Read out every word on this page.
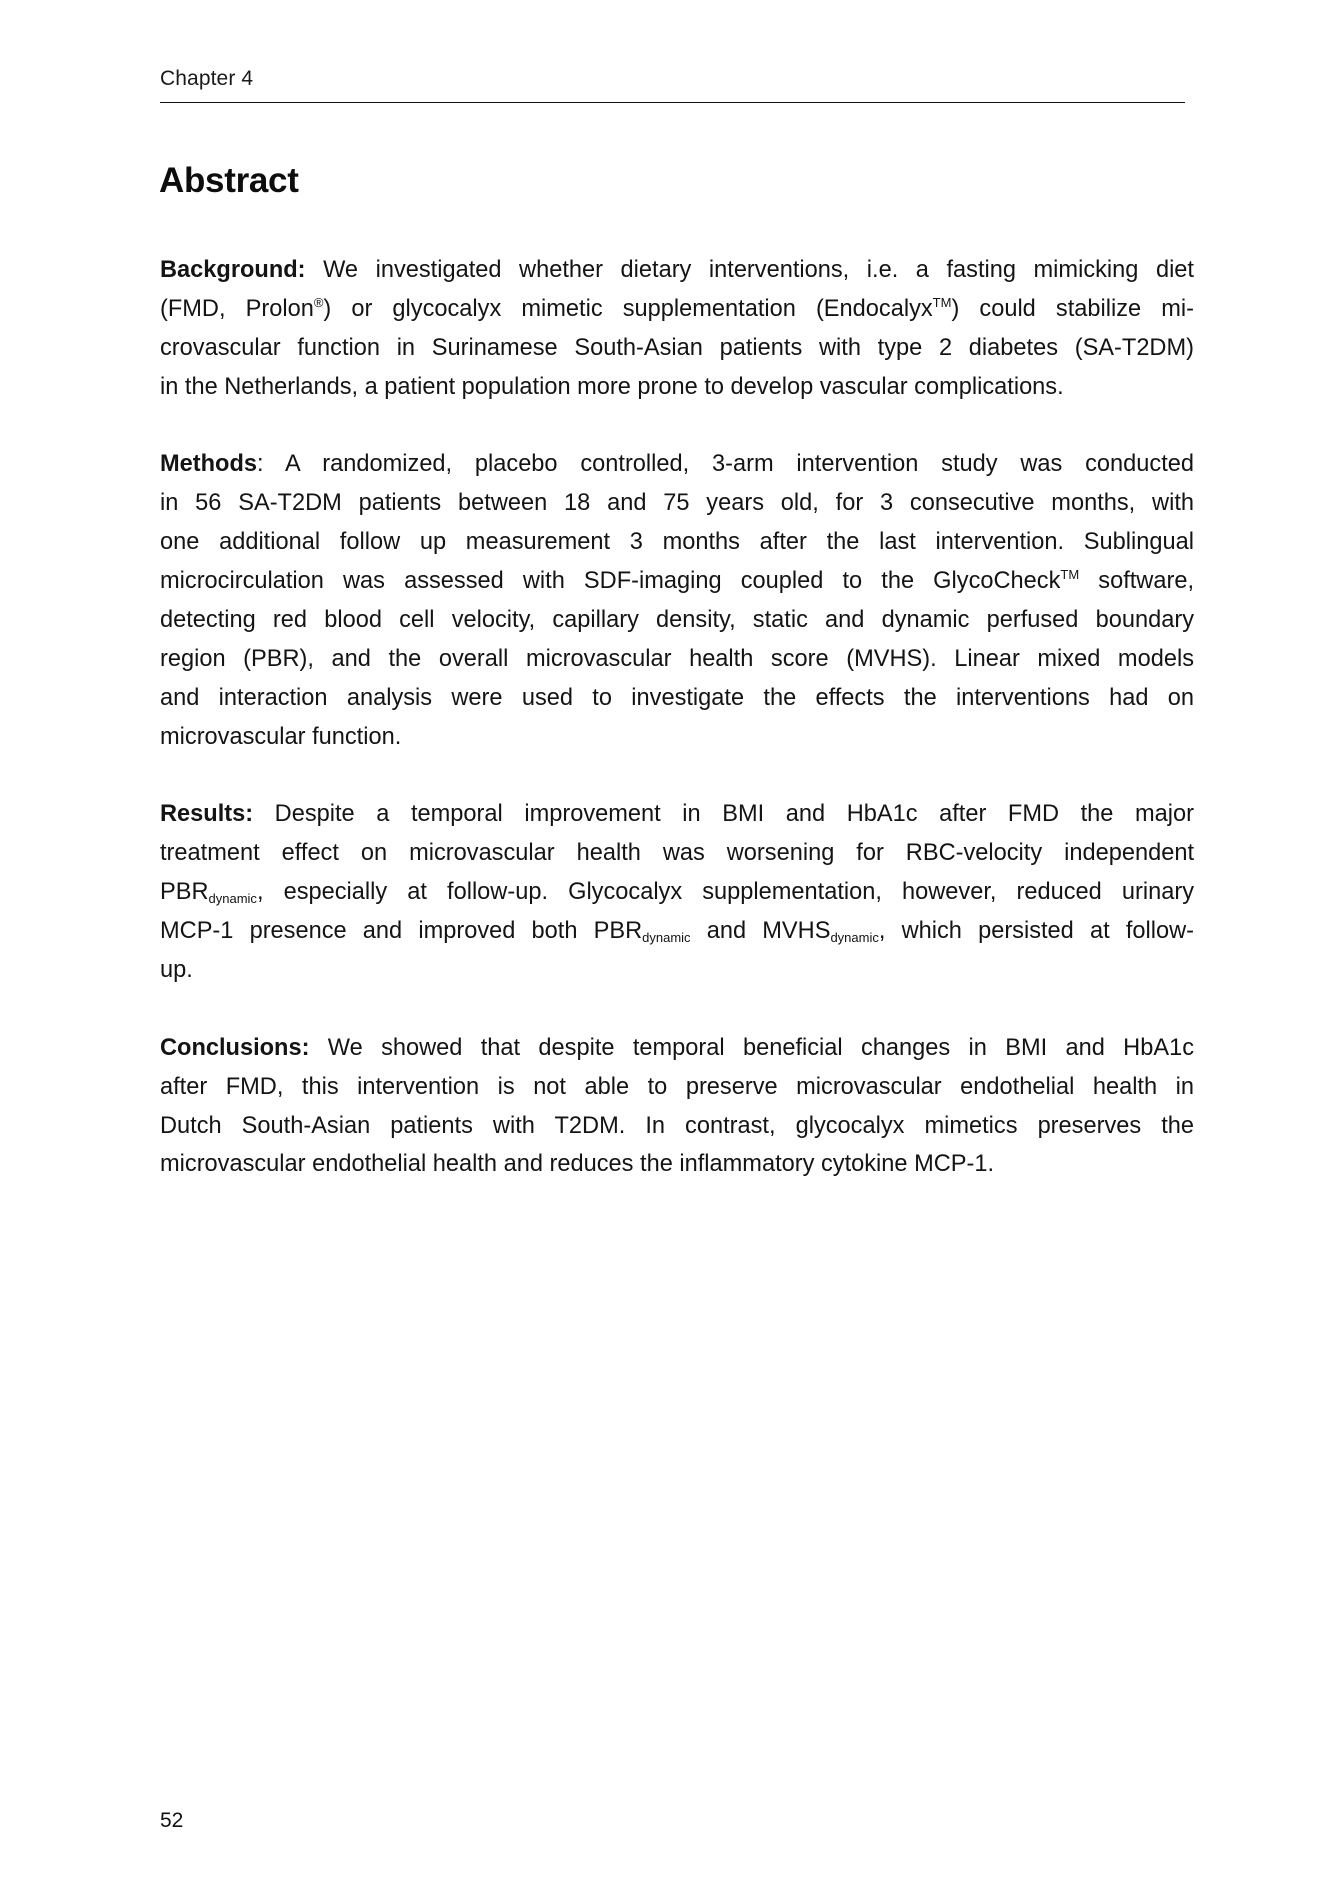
Chapter 4
Abstract
Background: We investigated whether dietary interventions, i.e. a fasting mimicking diet
(FMD, Prolon®) or glycocalyx mimetic supplementation (Endocalyx™) could stabilize mi-
crovascular function in Surinamese South-Asian patients with type 2 diabetes (SA-T2DM)
in the Netherlands, a patient population more prone to develop vascular complications.
Methods: A randomized, placebo controlled, 3-arm intervention study was conducted
in 56 SA-T2DM patients between 18 and 75 years old, for 3 consecutive months, with
one additional follow up measurement 3 months after the last intervention. Sublingual
microcirculation was assessed with SDF-imaging coupled to the GlycoCheck™ software,
detecting red blood cell velocity, capillary density, static and dynamic perfused boundary
region (PBR), and the overall microvascular health score (MVHS). Linear mixed models
and interaction analysis were used to investigate the effects the interventions had on
microvascular function.
Results: Despite a temporal improvement in BMI and HbA1c after FMD the major
treatment effect on microvascular health was worsening for RBC-velocity independent
$PBR_{dynamic}$, especially at follow-up. Glycocalyx supplementation, however, reduced urinary
MCP-1 presence and improved both $PBR_{dynamic}$ and $MVHS_{dynamic}$, which persisted at follow-
up.
Conclusions: We showed that despite temporal beneficial changes in BMI and HbA1c
after FMD, this intervention is not able to preserve microvascular endothelial health in
Dutch South-Asian patients with T2DM. In contrast, glycocalyx mimetics preserves the
microvascular endothelial health and reduces the inflammatory cytokine MCP-1.
52
